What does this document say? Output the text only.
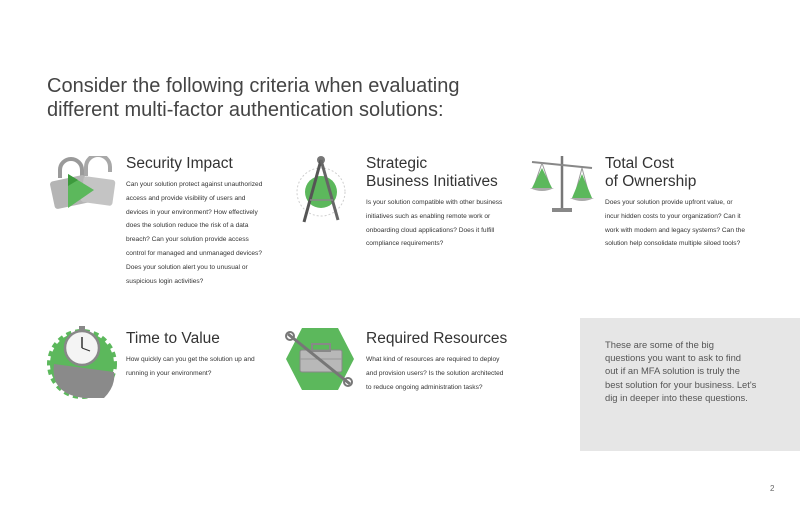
Consider the following criteria when evaluating
different multi-factor authentication solutions:
Security Impact
Can your solution protect against unauthorized
access and provide visibility of users and
devices in your environment? How effectively
does the solution reduce the risk of a data
breach? Can your solution provide access
control for managed and unmanaged devices?
Does your solution alert you to unusual or
suspicious login activities?
Strategic
Business Initiatives
Is your solution compatible with other business
initiatives such as enabling remote work or
onboarding cloud applications? Does it fulfill
compliance requirements?
Total Cost
of Ownership
Does your solution provide upfront value, or
incur hidden costs to your organization? Can it
work with modern and legacy systems? Can the
solution help consolidate multiple siloed tools?
Time to Value
How quickly can you get the solution up and
running in your environment?
Required Resources
What kind of resources are required to deploy
and provision users? Is the solution architected
to reduce ongoing administration tasks?
These are some of the big
questions you want to ask to find
out if an MFA solution is truly the
best solution for your business. Let's
dig in deeper into these questions.
2
